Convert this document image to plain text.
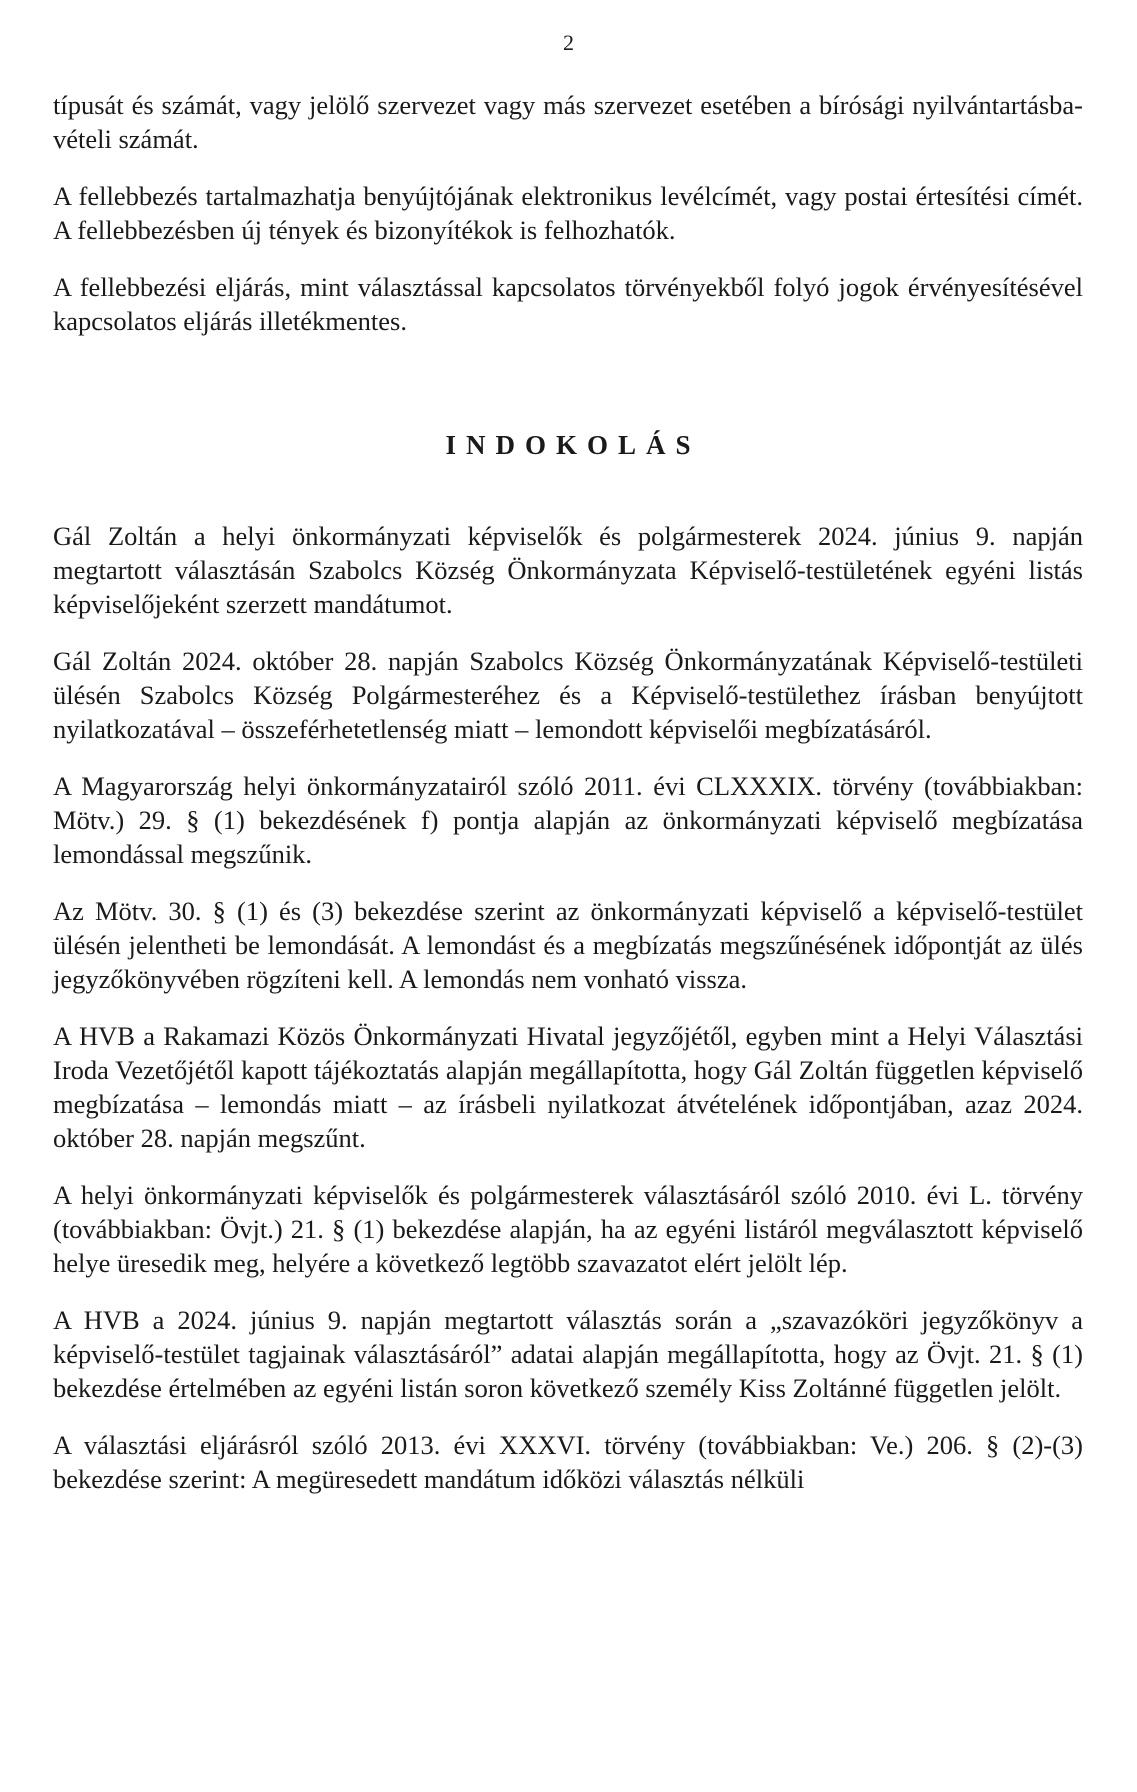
2

típusát és számát, vagy jelölő szervezet vagy más szervezet esetében a bírósági nyilvántartásba-vételi számát.

A fellebbezés tartalmazhatja benyújtójának elektronikus levélcímét, vagy postai értesítési címét. A fellebbezésben új tények és bizonyítékok is felhozhatók.

A fellebbezési eljárás, mint választással kapcsolatos törvényekből folyó jogok érvényesítésével kapcsolatos eljárás illetékmentes.

INDOKOLÁS

Gál Zoltán a helyi önkormányzati képviselők és polgármesterek 2024. június 9. napján megtartott választásán Szabolcs Község Önkormányzata Képviselő-testületének egyéni listás képviselőjeként szerzett mandátumot.

Gál Zoltán 2024. október 28. napján Szabolcs Község Önkormányzatának Képviselő-testületi ülésén Szabolcs Község Polgármesteréhez és a Képviselő-testülethez írásban benyújtott nyilatkozatával – összeférhetetlenség miatt – lemondott képviselői megbízatásáról.

A Magyarország helyi önkormányzatairól szóló 2011. évi CLXXXIX. törvény (továbbiakban: Mötv.) 29. § (1) bekezdésének f) pontja alapján az önkormányzati képviselő megbízatása lemondással megszűnik.

Az Mötv. 30. § (1) és (3) bekezdése szerint az önkormányzati képviselő a képviselő-testület ülésén jelentheti be lemondását. A lemondást és a megbízatás megszűnésének időpontját az ülés jegyzőkönyvében rögzíteni kell. A lemondás nem vonható vissza.

A HVB a Rakamazi Közös Önkormányzati Hivatal jegyzőjétől, egyben mint a Helyi Választási Iroda Vezetőjétől kapott tájékoztatás alapján megállapította, hogy Gál Zoltán független képviselő megbízatása – lemondás miatt – az írásbeli nyilatkozat átvételének időpontjában, azaz 2024. október 28. napján megszűnt.

A helyi önkormányzati képviselők és polgármesterek választásáról szóló 2010. évi L. törvény (továbbiakban: Övjt.) 21. § (1) bekezdése alapján, ha az egyéni listáról megválasztott képviselő helye üresedik meg, helyére a következő legtöbb szavazatot elért jelölt lép.

A HVB a 2024. június 9. napján megtartott választás során a „szavazóköri jegyzőkönyv a képviselő-testület tagjainak választásáról” adatai alapján megállapította, hogy az Övjt. 21. § (1) bekezdése értelmében az egyéni listán soron következő személy Kiss Zoltánné független jelölt.

A választási eljárásról szóló 2013. évi XXXVI. törvény (továbbiakban: Ve.) 206. § (2)-(3) bekezdése szerint: A megüresedett mandátum időközi választás nélküli
